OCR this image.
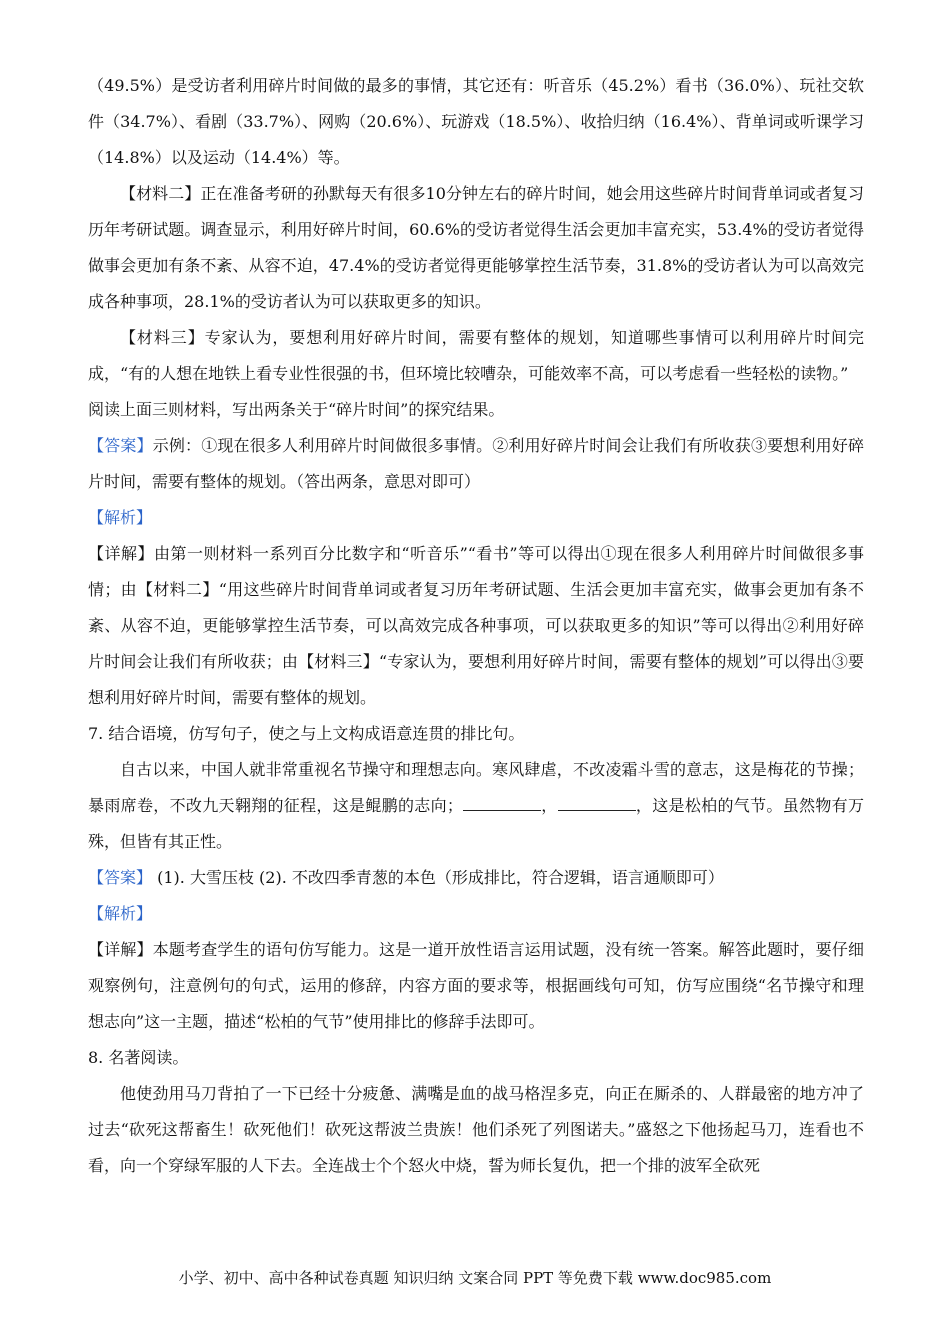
（49.5%）是受访者利用碎片时间做的最多的事情，其它还有：听音乐（45.2%）看书（36.0%）、玩社交软件（34.7%）、看剧（33.7%）、网购（20.6%）、玩游戏（18.5%）、收拾归纳（16.4%）、背单词或听课学习（14.8%）以及运动（14.4%）等。

【材料二】正在准备考研的孙默每天有很多10分钟左右的碎片时间，她会用这些碎片时间背单词或者复习历年考研试题。调查显示，利用好碎片时间，60.6%的受访者觉得生活会更加丰富充实，53.4%的受访者觉得做事会更加有条不紊、从容不迫，47.4%的受访者觉得更能够掌控生活节奏，31.8%的受访者认为可以高效完成各种事项，28.1%的受访者认为可以获取更多的知识。

【材料三】专家认为，要想利用好碎片时间，需要有整体的规划，知道哪些事情可以利用碎片时间完成，“有的人想在地铁上看专业性很强的书，但环境比较嘈杂，可能效率不高，可以考虑看一些轻松的读物。”

阅读上面三则材料，写出两条关于“碎片时间”的探究结果。

【答案】示例：①现在很多人利用碎片时间做很多事情。②利用好碎片时间会让我们有所收获③要想利用好碎片时间，需要有整体的规划。（答出两条，意思对即可）

【解析】

【详解】由第一则材料一系列百分比数字和“听音乐”“看书”等可以得出①现在很多人利用碎片时间做很多事情；由【材料二】“用这些碎片时间背单词或者复习历年考研试题、生活会更加丰富充实，做事会更加有条不紊、从容不迫，更能够掌控生活节奏，可以高效完成各种事项，可以获取更多的知识”等可以得出②利用好碎片时间会让我们有所收获；由【材料三】“专家认为，要想利用好碎片时间，需要有整体的规划”可以得出③要想利用好碎片时间，需要有整体的规划。

7. 结合语境，仿写句子，使之与上文构成语意连贯的排比句。

自古以来，中国人就非常重视名节操守和理想志向。寒风肆虐，不改凌霜斗雪的意志，这是梅花的节操；暴雨席卷，不改九天翱翔的征程，这是鲲鹏的志向；	，	，这是松柏的气节。虽然物有万殊，但皆有其正性。

【答案】 (1). 大雪压枝 (2). 不改四季青葱的本色（形成排比，符合逻辑，语言通顺即可）

【解析】

【详解】本题考查学生的语句仿写能力。这是一道开放性语言运用试题，没有统一答案。解答此题时，要仔细观察例句，注意例句的句式，运用的修辞，内容方面的要求等，根据画线句可知，仿写应围绕“名节操守和理想志向”这一主题，描述“松柏的气节”使用排比的修辞手法即可。

8. 名著阅读。

他使劲用马刀背拍了一下已经十分疲惫、满嘴是血的战马格涅多克，向正在厮杀的、人群最密的地方冲了过去“砍死这帮畜生！砍死他们！砍死这帮波兰贵族！他们杀死了列图诺夫。”盛怒之下他扬起马刀，连看也不看，向一个穿绿军服的人下去。全连战士个个怒火中烧，誓为师长复仇，把一个排的波军全砍死

小学、初中、高中各种试卷真题 知识归纳 文案合同 PPT 等免费下载 www.doc985.com
